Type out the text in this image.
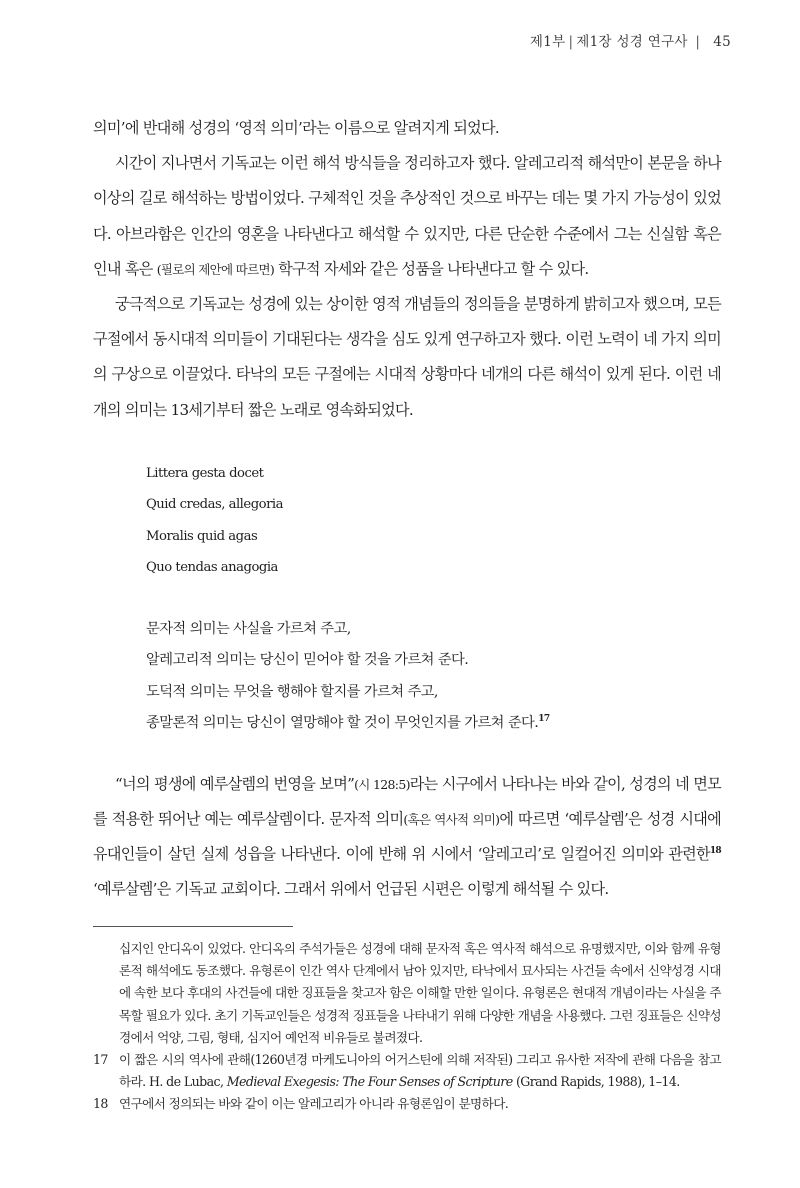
제1부 | 제1장 성경 연구사 | 45

의미’에 반대해 성경의 ‘영적 의미’라는 이름으로 알려지게 되었다.

시간이 지나면서 기독교는 이런 해석 방식들을 정리하고자 했다. 알레고리적 해석만이 본문을 하나 이상의 길로 해석하는 방법이었다. 구체적인 것을 추상적인 것으로 바꾸는 데는 몇 가지 가능성이 있었다. 아브라함은 인간의 영혼을 나타낸다고 해석할 수 있지만, 다른 단순한 수준에서 그는 신실함 혹은 인내 혹은 (필로의 제안에 따르면) 학구적 자세와 같은 성품을 나타낸다고 할 수 있다.

궁극적으로 기독교는 성경에 있는 상이한 영적 개념들의 정의들을 분명하게 밝히고자 했으며, 모든 구절에서 동시대적 의미들이 기대된다는 생각을 심도 있게 연구하고자 했다. 이런 노력이 네 가지 의미의 구상으로 이끌었다. 타낙의 모든 구절에는 시대적 상황마다 네개의 다른 해석이 있게 된다. 이런 네 개의 의미는 13세기부터 짧은 노래로 영속화되었다.

Littera gesta docet
Quid credas, allegoria
Moralis quid agas
Quo tendas anagogia
문자적 의미는 사실을 가르쳐 주고,
알레고리적 의미는 당신이 믿어야 할 것을 가르쳐 준다.
도덕적 의미는 무엇을 행해야 할지를 가르쳐 주고,
종말론적 의미는 당신이 열망해야 할 것이 무엇인지를 가르쳐 준다.$^{17}$

“너의 평생에 예루살렘의 번영을 보며”(시 128:5)라는 시구에서 나타나는 바와 같이, 성경의 네 면모를 적용한 뛰어난 예는 예루살렘이다. 문자적 의미(혹은 역사적 의미)에 따르면 ‘예루살렘’은 성경 시대에 유대인들이 살던 실제 성읍을 나타낸다. 이에 반해 위 시에서 ‘알레고리’로 일컬어진 의미와 관련한$^{18}$ ‘예루살렘’은 기독교 교회이다. 그래서 위에서 언급된 시편은 이렇게 해석될 수 있다.

십지인 안디옥이 있었다. 안디옥의 주석가들은 성경에 대해 문자적 혹은 역사적 해석으로 유명했지만, 이와 함께 유형론적 해석에도 동조했다. 유형론이 인간 역사 단계에서 남아 있지만, 타낙에서 묘사되는 사건들 속에서 신약성경 시대에 속한 보다 후대의 사건들에 대한 징표들을 찾고자 함은 이해할 만한 일이다. 유형론은 현대적 개념이라는 사실을 주목할 필요가 있다. 초기 기독교인들은 성경적 징표들을 나타내기 위해 다양한 개념을 사용했다. 그런 징표들은 신약성경에서 억양, 그림, 형태, 심지어 예언적 비유들로 불려졌다.
17 이 짧은 시의 역사에 관해(1260년경 마케도니아의 어거스틴에 의해 저작된) 그리고 유사한 저작에 관해 다음을 참고하라. H. de Lubac, Medieval Exegesis: The Four Senses of Scripture (Grand Rapids, 1988), 1–14.
18 연구에서 정의되는 바와 같이 이는 알레고리가 아니라 유형론임이 분명하다.
